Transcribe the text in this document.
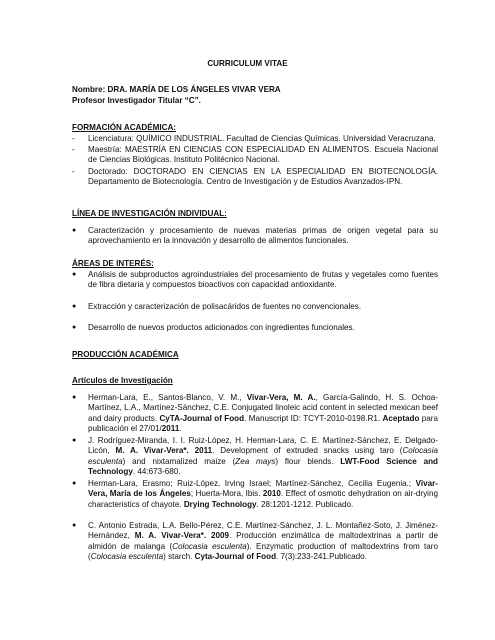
CURRICULUM VITAE
Nombre: DRA. MARÍA DE LOS ÁNGELES VIVAR VERA
Profesor Investigador Titular “C”.
FORMACIÓN ACADÉMICA:
- Licenciatura: QUÍMICO INDUSTRIAL. Facultad de Ciencias Químicas. Universidad Veracruzana.
- Maestría: MAESTRÍA EN CIENCIAS CON ESPECIALIDAD EN ALIMENTOS. Escuela Nacional de Ciencias Biológicas. Instituto Politécnico Nacional.
- Doctorado: DOCTORADO EN CIENCIAS EN LA ESPECIALIDAD EN BIOTECNOLOGÍA. Departamento de Biotecnología. Centro de Investigación y de Estudios Avanzados-IPN.
LÍNEA DE INVESTIGACIÓN INDIVIDUAL:
● Caracterización y procesamiento de nuevas materias primas de origen vegetal para su aprovechamiento en la innovación y desarrollo de alimentos funcionales.
ÁREAS DE INTERÉS:
● Análisis de subproductos agroindustriales del procesamiento de frutas y vegetales como fuentes de fibra dietaria y compuestos bioactivos con capacidad antioxidante.
● Extracción y caracterización de polisacáridos de fuentes no convencionales.
● Desarrollo de nuevos productos adicionados con ingredientes funcionales.
PRODUCCIÓN ACADÉMICA
Artículos de Investigación
● Herman-Lara, E., Santos-Blanco, V. M., Vivar-Vera, M. A., García-Galindo, H. S. Ochoa-Martínez, L.A., Martínez-Sánchez, C.E. Conjugated linoleic acid content in selected mexican beef and dairy products. CyTA-Journal of Food. Manuscript ID: TCYT-2010-0198.R1. Aceptado para publicación el 27/01/2011.
● J. Rodríguez-Miranda, I. I. Ruiz-López, H. Herman-Lara, C. E. Martínez-Sánchez, E. Delgado-Licón, M. A. Vivar-Vera*. 2011. Development of extruded snacks using taro (Colocasia esculenta) and nixtamalized maize (Zea mays) flour blends. LWT-Food Science and Technology. 44:673-680.
● Herman-Lara, Erasmo; Ruiz-López, Irving Israel; Martínez-Sánchez, Cecilia Eugenia.; Vivar-Vera, María de los Ángeles; Huerta-Mora, Ibis. 2010. Effect of osmotic dehydration on air-drying characteristics of chayote. Drying Technology. 28:1201-1212. Publicado.
● C. Antonio Estrada, L.A. Bello-Pérez, C.E. Martínez-Sánchez, J. L. Montañez-Soto, J. Jiménez-Hernández, M. A. Vivar-Vera*. 2009. Producción enzimática de maltodextrinas a partir de almidón de malanga (Colocasia esculenta). Enzymatic production of maltodextrins from taro (Colocasia esculenta) starch. Cyta-Journal of Food. 7(3):233-241.Publicado.
